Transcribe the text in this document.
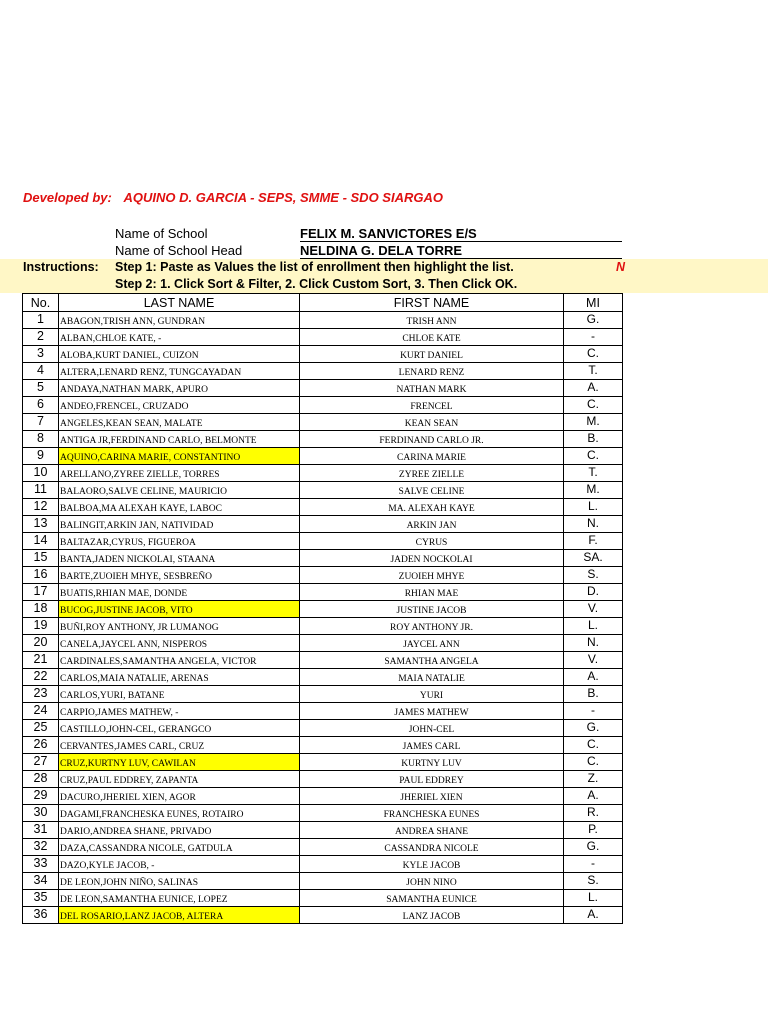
Developed by: AQUINO D. GARCIA - SEPS, SMME - SDO SIARGAO
Name of School	FELIX M. SANVICTORES E/S
Name of School Head	NELDINA G. DELA TORRE
Instructions: Step 1: Paste as Values the list of enrollment then highlight the list.	N
Step 2: 1. Click Sort & Filter, 2. Click Custom Sort, 3. Then Click OK.
No.	LAST NAME	FIRST NAME	MI
1	ABAGON,TRISH ANN, GUNDRAN	TRISH ANN	G.
2	ALBAN,CHLOE KATE, -	CHLOE KATE	-
3	ALOBA,KURT DANIEL, CUIZON	KURT DANIEL	C.
4	ALTERA,LENARD RENZ, TUNGCAYADAN	LENARD RENZ	T.
5	ANDAYA,NATHAN MARK, APURO	NATHAN MARK	A.
6	ANDEO,FRENCEL, CRUZADO	FRENCEL	C.
7	ANGELES,KEAN SEAN, MALATE	KEAN SEAN	M.
8	ANTIGA JR,FERDINAND CARLO, BELMONTE	FERDINAND CARLO JR.	B.
9	AQUINO,CARINA MARIE, CONSTANTINO	CARINA MARIE	C.
10	ARELLANO,ZYREE ZIELLE, TORRES	ZYREE ZIELLE	T.
11	BALAORO,SALVE CELINE, MAURICIO	SALVE CELINE	M.
12	BALBOA,MA ALEXAH KAYE, LABOC	MA. ALEXAH KAYE	L.
13	BALINGIT,ARKIN JAN, NATIVIDAD	ARKIN JAN	N.
14	BALTAZAR,CYRUS, FIGUEROA	CYRUS	F.
15	BANTA,JADEN NICKOLAI, STAANA	JADEN NOCKOLAI	SA.
16	BARTE,ZUOIEH MHYE, SESBREÑO	ZUOIEH MHYE	S.
17	BUATIS,RHIAN MAE, DONDE	RHIAN MAE	D.
18	BUCOG,JUSTINE JACOB, VITO	JUSTINE JACOB	V.
19	BUÑI,ROY ANTHONY, JR LUMANOG	ROY ANTHONY JR.	L.
20	CANELA,JAYCEL ANN, NISPEROS	JAYCEL ANN	N.
21	CARDINALES,SAMANTHA ANGELA, VICTOR	SAMANTHA ANGELA	V.
22	CARLOS,MAIA NATALIE, ARENAS	MAIA NATALIE	A.
23	CARLOS,YURI, BATANE	YURI	B.
24	CARPIO,JAMES MATHEW, -	JAMES MATHEW	-
25	CASTILLO,JOHN-CEL, GERANGCO	JOHN-CEL	G.
26	CERVANTES,JAMES CARL, CRUZ	JAMES CARL	C.
27	CRUZ,KURTNY LUV, CAWILAN	KURTNY LUV	C.
28	CRUZ,PAUL EDDREY, ZAPANTA	PAUL EDDREY	Z.
29	DACURO,JHERIEL XIEN, AGOR	JHERIEL XIEN	A.
30	DAGAMI,FRANCHESKA EUNES, ROTAIRO	FRANCHESKA EUNES	R.
31	DARIO,ANDREA SHANE, PRIVADO	ANDREA SHANE	P.
32	DAZA,CASSANDRA NICOLE, GATDULA	CASSANDRA NICOLE	G.
33	DAZO,KYLE JACOB, -	KYLE JACOB	-
34	DE LEON,JOHN NIÑO, SALINAS	JOHN NINO	S.
35	DE LEON,SAMANTHA EUNICE, LOPEZ	SAMANTHA EUNICE	L.
36	DEL ROSARIO,LANZ JACOB, ALTERA	LANZ JACOB	A.
